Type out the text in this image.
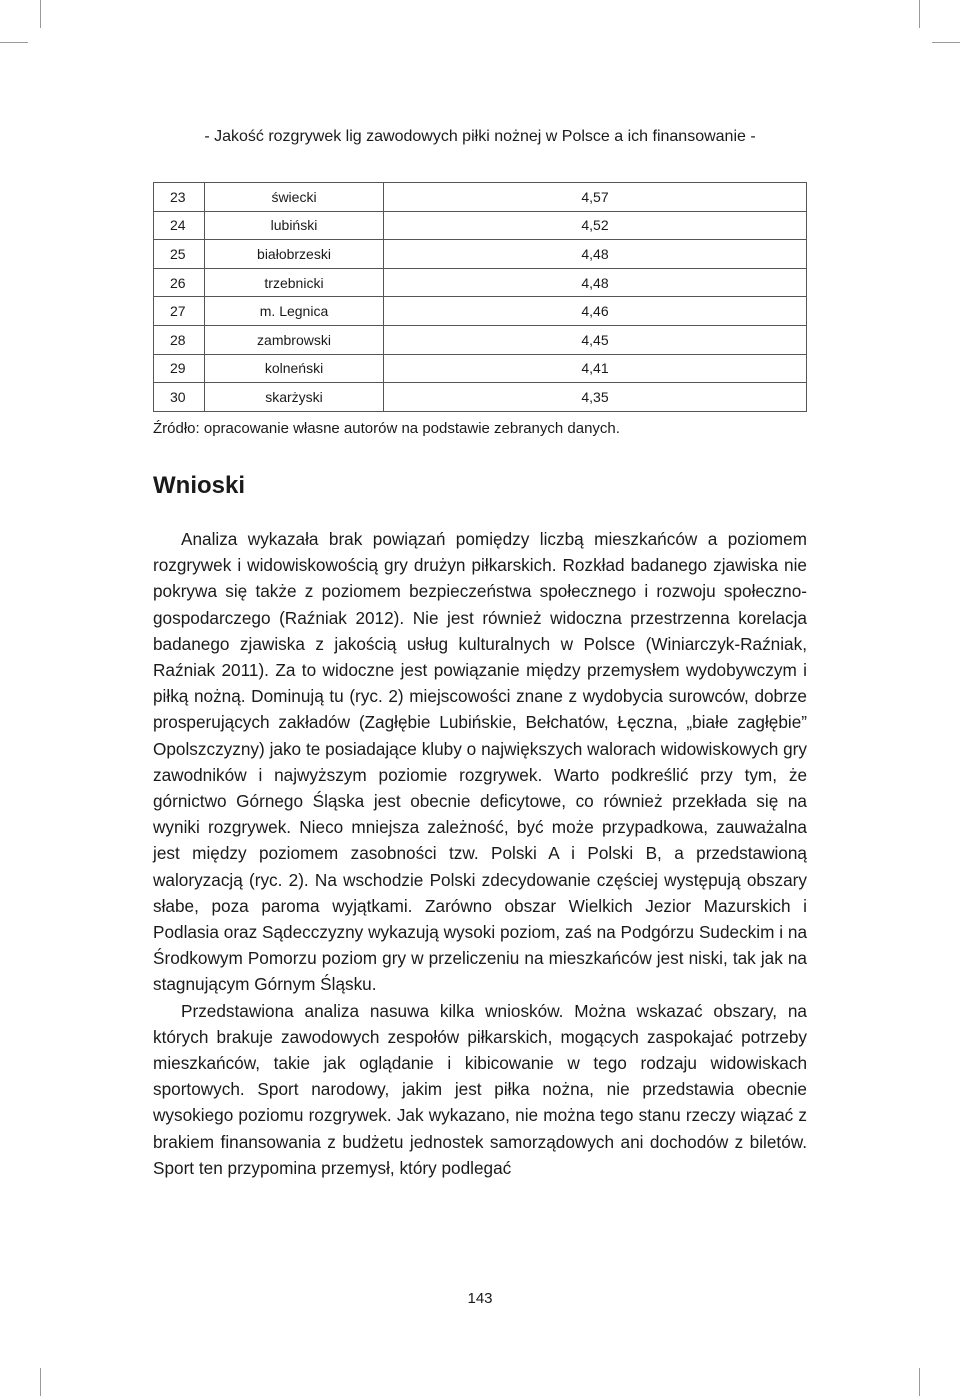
- Jakość rozgrywek lig zawodowych piłki nożnej w Polsce a ich finansowanie -
23	świecki	4,57
24	lubiński	4,52
25	białobrzeski	4,48
26	trzebnicki	4,48
27	m. Legnica	4,46
28	zambrowski	4,45
29	kolneński	4,41
30	skarżyski	4,35
Źródło: opracowanie własne autorów na podstawie zebranych danych.
Wnioski

Analiza wykazała brak powiązań pomiędzy liczbą mieszkańców a poziomem rozgrywek i widowiskowością gry drużyn piłkarskich. Rozkład badanego zjawiska nie pokrywa się także z poziomem bezpieczeństwa społecznego i rozwoju społeczno-gospodarczego (Raźniak 2012). Nie jest również widoczna przestrzenna korelacja badanego zjawiska z jakością usług kulturalnych w Polsce (Winiarczyk-Raźniak, Raźniak 2011). Za to widoczne jest powiązanie między przemysłem wydobywczym i piłką nożną. Dominują tu (ryc. 2) miejscowości znane z wydobycia surowców, dobrze prosperujących zakładów (Zagłębie Lubińskie, Bełchatów, Łęczna, „białe zagłębie” Opolszczyzny) jako te posiadające kluby o największych walorach widowiskowych gry zawodników i najwyższym poziomie rozgrywek. Warto podkreślić przy tym, że górnictwo Górnego Śląska jest obecnie deficytowe, co również przekłada się na wyniki rozgrywek. Nieco mniejsza zależność, być może przypadkowa, zauważalna jest między poziomem zasobności tzw. Polski A i Polski B, a przedstawioną waloryzacją (ryc. 2). Na wschodzie Polski zdecydowanie częściej występują obszary słabe, poza paroma wyjątkami. Zarówno obszar Wielkich Jezior Mazurskich i Podlasia oraz Sądecczyzny wykazują wysoki poziom, zaś na Podgórzu Sudeckim i na Środkowym Pomorzu poziom gry w przeliczeniu na mieszkańców jest niski, tak jak na stagnującym Górnym Śląsku.

Przedstawiona analiza nasuwa kilka wniosków. Można wskazać obszary, na których brakuje zawodowych zespołów piłkarskich, mogących zaspokajać potrzeby mieszkańców, takie jak oglądanie i kibicowanie w tego rodzaju widowiskach sportowych. Sport narodowy, jakim jest piłka nożna, nie przedstawia obecnie wysokiego poziomu rozgrywek. Jak wykazano, nie można tego stanu rzeczy wiązać z brakiem finansowania z budżetu jednostek samorządowych ani dochodów z biletów. Sport ten przypomina przemysł, który podlegać

143
